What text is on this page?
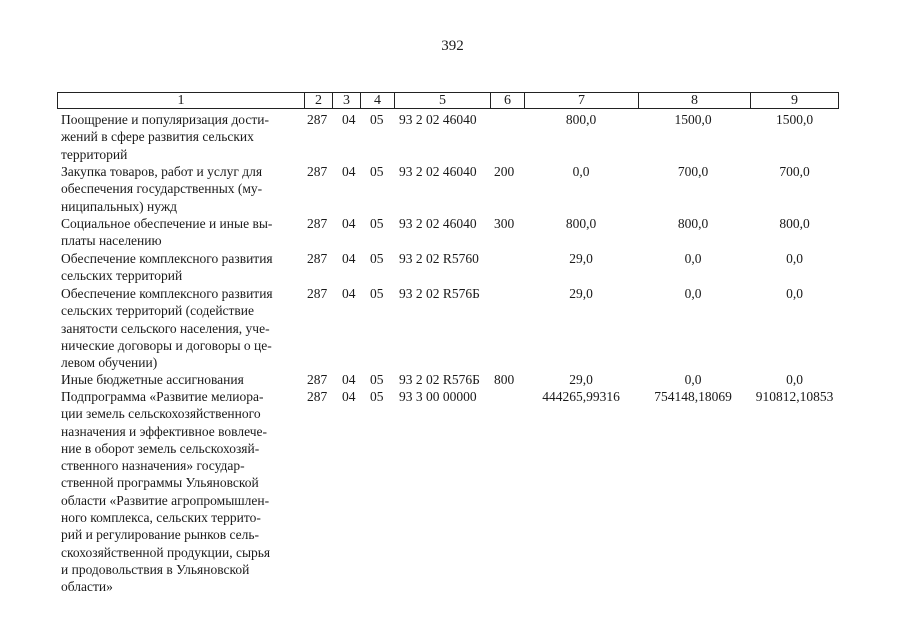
392
1	2	3	4	5	6	7	8	9
Поощрение и популяризация дости-
жений в сфере развития сельских
территорий
287 04 05 93 2 02 46040	800,0	1500,0	1500,0
Закупка товаров, работ и услуг для
обеспечения государственных (му-
ниципальных) нужд
287 04 05 93 2 02 46040 200	0,0	700,0	700,0
Социальное обеспечение и иные вы-
платы населению
287 04 05 93 2 02 46040 300	800,0	800,0	800,0
Обеспечение комплексного развития
сельских территорий
287 04 05 93 2 02 R5760	29,0	0,0	0,0
Обеспечение комплексного развития
сельских территорий (содействие
занятости сельского населения, уче-
нические договоры и договоры о це-
левом обучении)
287 04 05 93 2 02 R576Б	29,0	0,0	0,0
Иные бюджетные ассигнования	287 04 05 93 2 02 R576Б 800	29,0	0,0	0,0
Подпрограмма «Развитие мелиора-
ции земель сельскохозяйственного
назначения и эффективное вовлече-
ние в оборот земель сельскохозяй-
ственного назначения» государ-
ственной программы Ульяновской
области «Развитие агропромышлен-
ного комплекса, сельских террито-
рий и регулирование рынков сель-
скохозяйственной продукции, сырья
и продовольствия в Ульяновской
области»
287 04 05 93 3 00 00000	444265,99316	754148,18069	910812,10853
